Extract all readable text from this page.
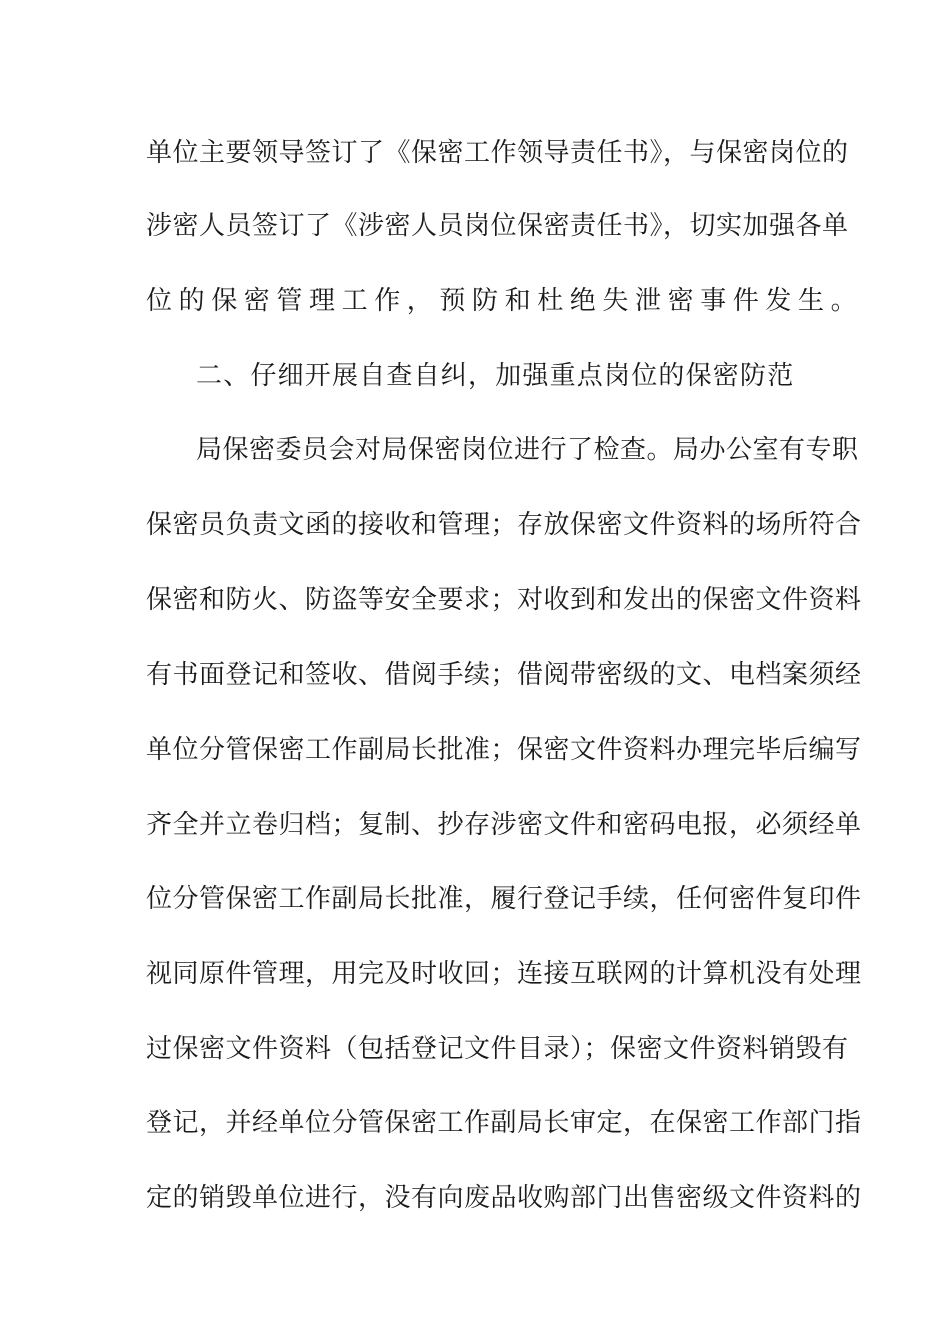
单位主要领导签订了《保密工作领导责任书》，与保密岗位的
涉密人员签订了《涉密人员岗位保密责任书》，切实加强各单
位的保密管理工作，预防和杜绝失泄密事件发生。
二、仔细开展自查自纠，加强重点岗位的保密防范
局保密委员会对局保密岗位进行了检查。局办公室有专职
保密员负责文函的接收和管理；存放保密文件资料的场所符合
保密和防火、防盗等安全要求；对收到和发出的保密文件资料
有书面登记和签收、借阅手续；借阅带密级的文、电档案须经
单位分管保密工作副局长批准；保密文件资料办理完毕后编写
齐全并立卷归档；复制、抄存涉密文件和密码电报，必须经单
位分管保密工作副局长批准，履行登记手续，任何密件复印件
视同原件管理，用完及时收回；连接互联网的计算机没有处理
过保密文件资料（包括登记文件目录）；保密文件资料销毁有
登记，并经单位分管保密工作副局长审定，在保密工作部门指
定的销毁单位进行，没有向废品收购部门出售密级文件资料的
